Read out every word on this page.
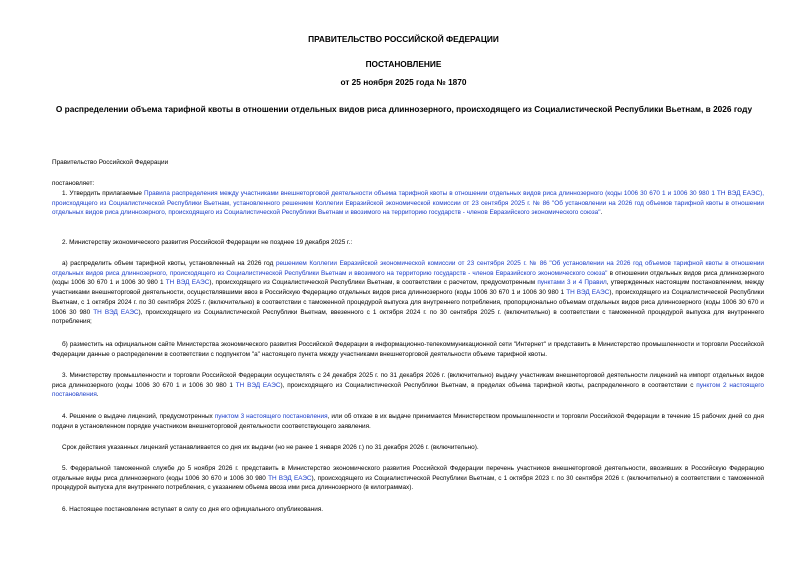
ПРАВИТЕЛЬСТВО РОССИЙСКОЙ ФЕДЕРАЦИИ
ПОСТАНОВЛЕНИЕ
от 25 ноября 2025 года № 1870
О распределении объема тарифной квоты в отношении отдельных видов риса длиннозерного, происходящего из Социалистической Республики Вьетнам, в 2026 году

Правительство Российской Федерации

постановляет:

1. Утвердить прилагаемые Правила распределения между участниками внешнеторговой деятельности объема тарифной квоты в отношении отдельных видов риса длиннозерного (коды 1006 30 670 1 и 1006 30 980 1 ТН ВЭД ЕАЭС), происходящего из Социалистической Республики Вьетнам, установленного решением Коллегии Евразийской экономической комиссии от 23 сентября 2025 г. № 86 "Об установлении на 2026 год объемов тарифной квоты в отношении отдельных видов риса длиннозерного, происходящего из Социалистической Республики Вьетнам и ввозимого на территорию государств - членов Евразийского экономического союза".

2. Министерству экономического развития Российской Федерации не позднее 19 декабря 2025 г.:

а) распределить объем тарифной квоты, установленный на 2026 год решением Коллегии Евразийской экономической комиссии от 23 сентября 2025 г. № 86 "Об установлении на 2026 год объемов тарифной квоты в отношении отдельных видов риса длиннозерного, происходящего из Социалистической Республики Вьетнам и ввозимого на территорию государств - членов Евразийского экономического союза" в отношении отдельных видов риса длиннозерного (коды 1006 30 670 1 и 1006 30 980 1 ТН ВЭД ЕАЭС), происходящего из Социалистической Республики Вьетнам, в соответствии с расчетом, предусмотренным пунктами 3 и 4 Правил, утвержденных настоящим постановлением, между участниками внешнеторговой деятельности, осуществлявшими ввоз в Российскую Федерацию отдельных видов риса длиннозерного (коды 1006 30 670 1 и 1006 30 980 1 ТН ВЭД ЕАЭС), происходящего из Социалистической Республики Вьетнам, с 1 октября 2024 г. по 30 сентября 2025 г. (включительно) в соответствии с таможенной процедурой выпуска для внутреннего потребления, пропорционально объемам отдельных видов риса длиннозерного (коды 1006 30 670 и 1006 30 980 ТН ВЭД ЕАЭС), происходящего из Социалистической Республики Вьетнам, ввезенного с 1 октября 2024 г. по 30 сентября 2025 г. (включительно) в соответствии с таможенной процедурой выпуска для внутреннего потребления;

б) разместить на официальном сайте Министерства экономического развития Российской Федерации в информационно-телекоммуникационной сети "Интернет" и представить в Министерство промышленности и торговли Российской Федерации данные о распределении в соответствии с подпунктом "а" настоящего пункта между участниками внешнеторговой деятельности объеме тарифной квоты.

3. Министерству промышленности и торговли Российской Федерации осуществлять с 24 декабря 2025 г. по 31 декабря 2026 г. (включительно) выдачу участникам внешнеторговой деятельности лицензий на импорт отдельных видов риса длиннозерного (коды 1006 30 670 1 и 1006 30 980 1 ТН ВЭД ЕАЭС), происходящего из Социалистической Республики Вьетнам, в пределах объема тарифной квоты, распределенного в соответствии с пунктом 2 настоящего постановления.

4. Решение о выдаче лицензий, предусмотренных пунктом 3 настоящего постановления, или об отказе в их выдаче принимается Министерством промышленности и торговли Российской Федерации в течение 15 рабочих дней со дня подачи в установленном порядке участником внешнеторговой деятельности соответствующего заявления.

Срок действия указанных лицензий устанавливается со дня их выдачи (но не ранее 1 января 2026 г.) по 31 декабря 2026 г. (включительно).

5. Федеральной таможенной службе до 5 ноября 2026 г. представить в Министерство экономического развития Российской Федерации перечень участников внешнеторговой деятельности, ввозивших в Российскую Федерацию отдельные виды риса длиннозерного (коды 1006 30 670 и 1006 30 980 ТН ВЭД ЕАЭС), происходящего из Социалистической Республики Вьетнам, с 1 октября 2023 г. по 30 сентября 2026 г. (включительно) в соответствии с таможенной процедурой выпуска для внутреннего потребления, с указанием объема ввоза ими риса длиннозерного (в килограммах).

6. Настоящее постановление вступает в силу со дня его официального опубликования.
